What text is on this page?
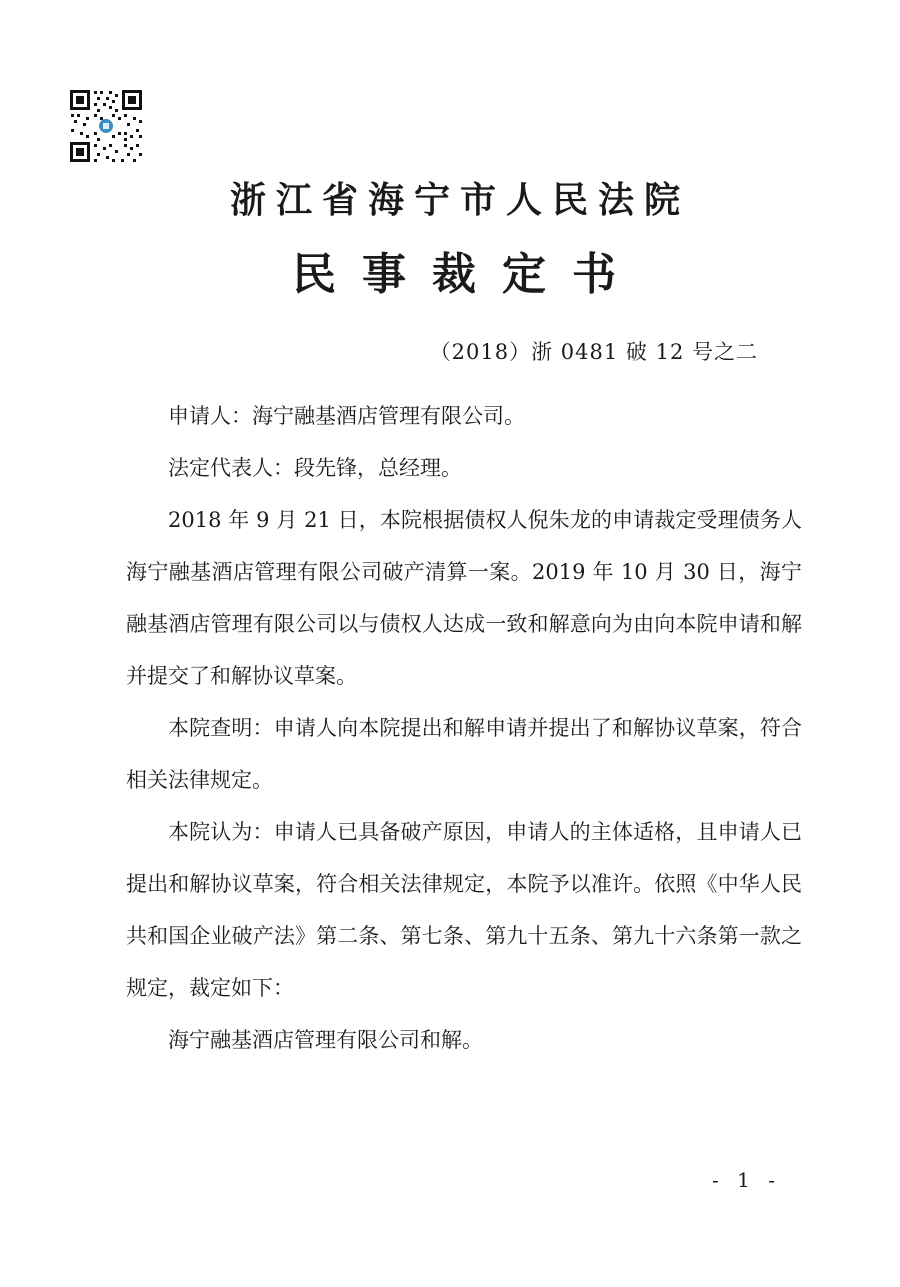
浙江省海宁市人民法院
民事裁定书
（2018）浙 0481 破 12 号之二

申请人：海宁融基酒店管理有限公司。

法定代表人：段先锋，总经理。

2018 年 9 月 21 日，本院根据债权人倪朱龙的申请裁定受理债务人海宁融基酒店管理有限公司破产清算一案。2019 年 10 月 30 日，海宁融基酒店管理有限公司以与债权人达成一致和解意向为由向本院申请和解并提交了和解协议草案。

本院查明：申请人向本院提出和解申请并提出了和解协议草案，符合相关法律规定。

本院认为：申请人已具备破产原因，申请人的主体适格，且申请人已提出和解协议草案，符合相关法律规定，本院予以准许。依照《中华人民共和国企业破产法》第二条、第七条、第九十五条、第九十六条第一款之规定，裁定如下：

海宁融基酒店管理有限公司和解。

- 1 -
